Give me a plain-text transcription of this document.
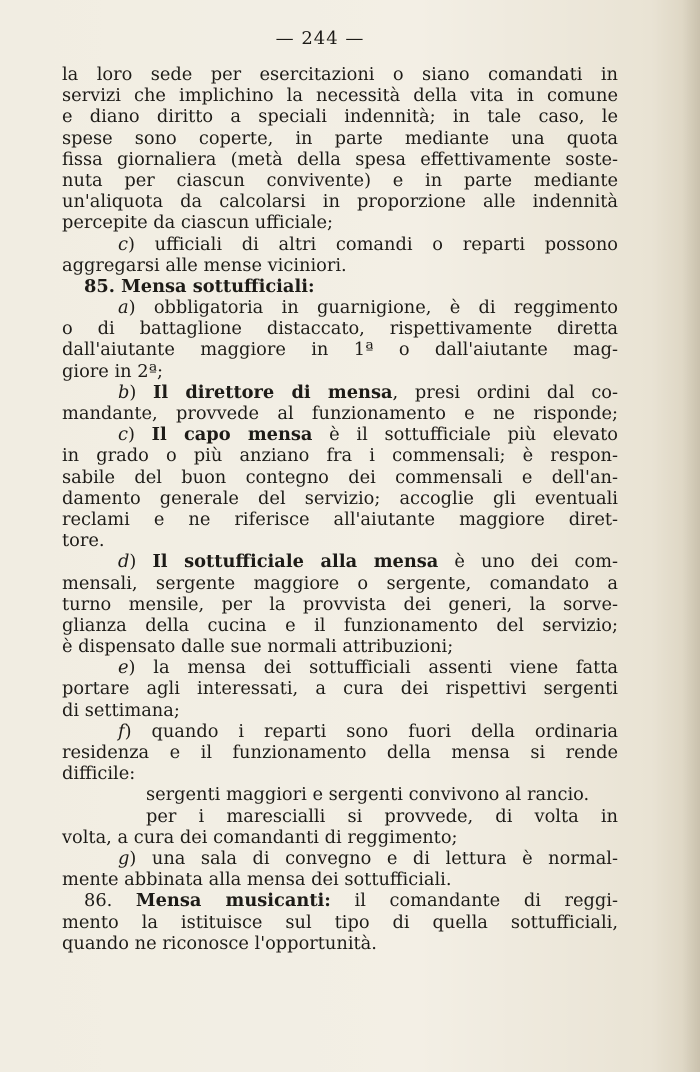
— 244 —
la loro sede per esercitazioni o siano comandati in
servizi che implichino la necessità della vita in comune
e diano diritto a speciali indennità; in tale caso, le
spese sono coperte, in parte mediante una quota
fissa giornaliera (metà della spesa effettivamente soste-
nuta per ciascun convivente) e in parte mediante
un'aliquota da calcolarsi in proporzione alle indennità
percepite da ciascun ufficiale;
c) ufficiali di altri comandi o reparti possono
aggregarsi alle mense viciniori.
85. Mensa sottufficiali:
a) obbligatoria in guarnigione, è di reggimento
o di battaglione distaccato, rispettivamente diretta
dall'aiutante maggiore in 1ª o dall'aiutante mag-
giore in 2ª;
b) Il direttore di mensa, presi ordini dal co-
mandante, provvede al funzionamento e ne risponde;
c) Il capo mensa è il sottufficiale più elevato
in grado o più anziano fra i commensali; è respon-
sabile del buon contegno dei commensali e dell'an-
damento generale del servizio; accoglie gli eventuali
reclami e ne riferisce all'aiutante maggiore diret-
tore.
d) Il sottufficiale alla mensa è uno dei com-
mensali, sergente maggiore o sergente, comandato a
turno mensile, per la provvista dei generi, la sorve-
glianza della cucina e il funzionamento del servizio;
è dispensato dalle sue normali attribuzioni;
e) la mensa dei sottufficiali assenti viene fatta
portare agli interessati, a cura dei rispettivi sergenti
di settimana;
f) quando i reparti sono fuori della ordinaria
residenza e il funzionamento della mensa si rende
difficile:
sergenti maggiori e sergenti convivono al rancio.
per i marescialli si provvede, di volta in
volta, a cura dei comandanti di reggimento;
g) una sala di convegno e di lettura è normal-
mente abbinata alla mensa dei sottufficiali.
86. Mensa musicanti: il comandante di reggi-
mento la istituisce sul tipo di quella sottufficiali,
quando ne riconosce l'opportunità.
